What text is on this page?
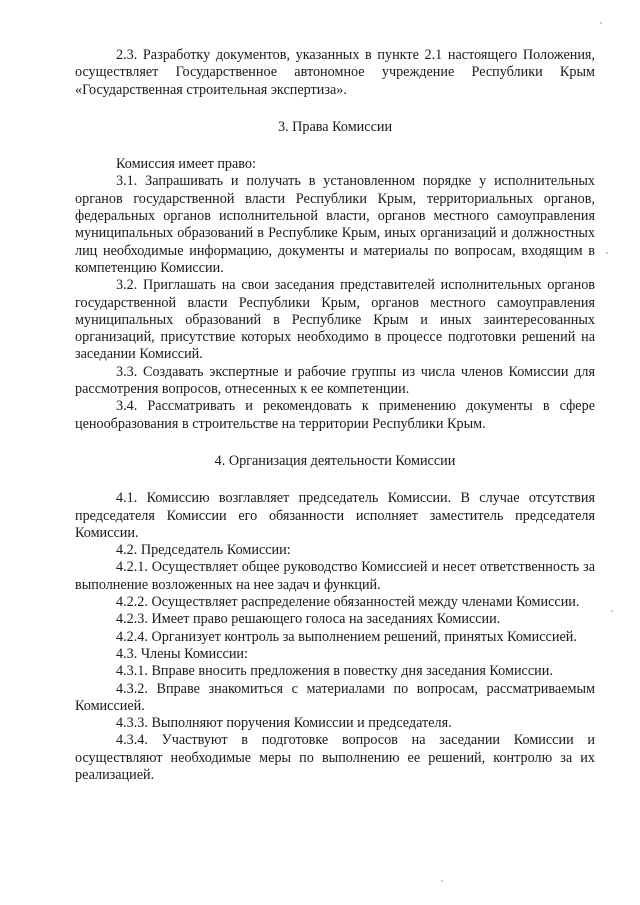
2.3. Разработку документов, указанных в пункте 2.1 настоящего Положения, осуществляет Государственное автономное учреждение Республики Крым «Государственная строительная экспертиза».

3. Права Комиссии

Комиссия имеет право:

3.1. Запрашивать и получать в установленном порядке у исполнительных органов государственной власти Республики Крым, территориальных органов, федеральных органов исполнительной власти, органов местного самоуправления муниципальных образований в Республике Крым, иных организаций и должностных лиц необходимые информацию, документы и материалы по вопросам, входящим в компетенцию Комиссии.

3.2. Приглашать на свои заседания представителей исполнительных органов государственной власти Республики Крым, органов местного самоуправления муниципальных образований в Республике Крым и иных заинтересованных организаций, присутствие которых необходимо в процессе подготовки решений на заседании Комиссий.

3.3. Создавать экспертные и рабочие группы из числа членов Комиссии для рассмотрения вопросов, отнесенных к ее компетенции.

3.4. Рассматривать и рекомендовать к применению документы в сфере ценообразования в строительстве на территории Республики Крым.

4. Организация деятельности Комиссии

4.1. Комиссию возглавляет председатель Комиссии. В случае отсутствия председателя Комиссии его обязанности исполняет заместитель председателя Комиссии.

4.2. Председатель Комиссии:

4.2.1. Осуществляет общее руководство Комиссией и несет ответственность за выполнение возложенных на нее задач и функций.

4.2.2. Осуществляет распределение обязанностей между членами Комиссии.

4.2.3. Имеет право решающего голоса на заседаниях Комиссии.

4.2.4. Организует контроль за выполнением решений, принятых Комиссией.

4.3. Члены Комиссии:

4.3.1. Вправе вносить предложения в повестку дня заседания Комиссии.

4.3.2. Вправе знакомиться с материалами по вопросам, рассматриваемым Комиссией.

4.3.3. Выполняют поручения Комиссии и председателя.

4.3.4. Участвуют в подготовке вопросов на заседании Комиссии и осуществляют необходимые меры по выполнению ее решений, контролю за их реализацией.
